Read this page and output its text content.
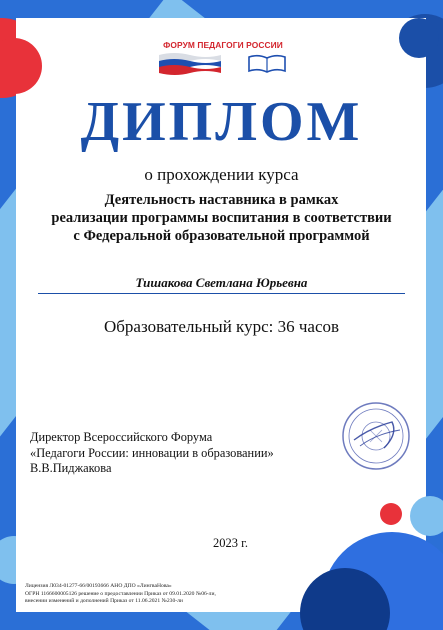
ФОРУМ ПЕДАГОГИ РОССИИ
ДИПЛОМ
о прохождении курса
Деятельность наставника в рамках
реализации программы воспитания в соответствии
с Федеральной образовательной программой
Тишакова Светлана Юрьевна
Образовательный курс: 36 часов
Директор Всероссийского Форума
«Педагоги России: инновации в образовании»
В.В.Пиджакова
2023 г.
Лицензия Л034-01277-66/00193666 АНО ДПО «ЛингваНова»
ОГРН 1166600005126 решение о предоставлении Приказ от 09.01.2020 №06-ли,
внесении изменений и дополнений Приказ от 11.06.2021 №230-ли
